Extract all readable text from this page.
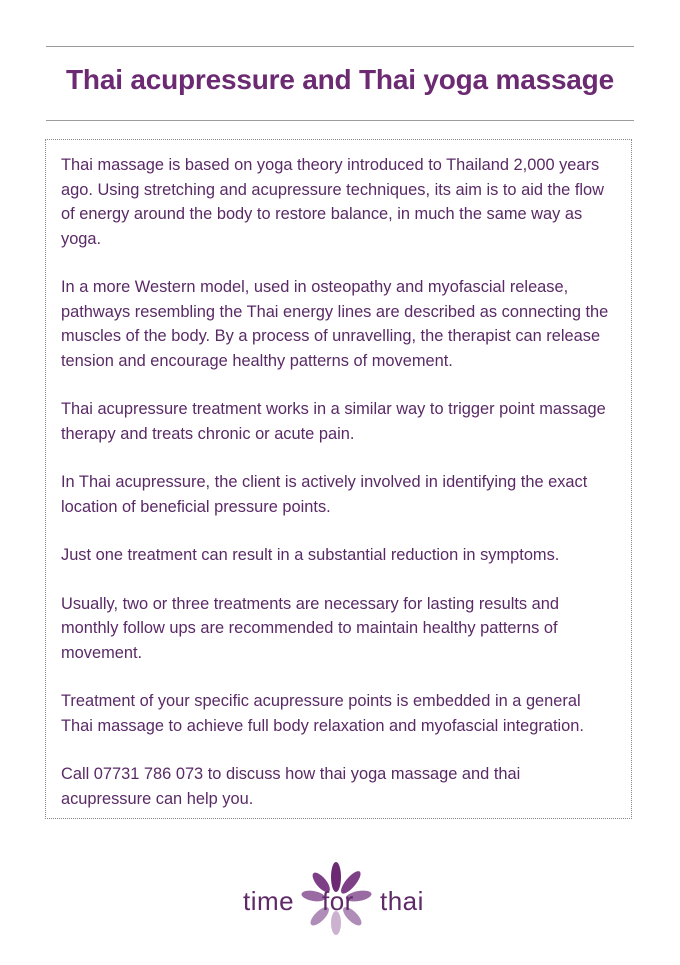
Thai acupressure and Thai yoga massage

Thai massage is based on yoga theory introduced to Thailand 2,000 years ago. Using stretching and acupressure techniques, its aim is to aid the flow of energy around the body to restore balance, in much the same way as yoga.

In a more Western model, used in osteopathy and myofascial release, pathways resembling the Thai energy lines are described as connecting the muscles of the body. By a process of unravelling, the therapist can release tension and encourage healthy patterns of movement.

Thai acupressure treatment works in a similar way to trigger point massage therapy and treats chronic or acute pain.

In Thai acupressure, the client is actively involved in identifying the exact location of beneficial pressure points.

Just one treatment can result in a substantial reduction in symptoms.

Usually, two or three treatments are necessary for lasting results and monthly follow ups are recommended to maintain healthy patterns of movement.

Treatment of your specific acupressure points is embedded in a general Thai massage to achieve full body relaxation and myofascial integration.

Call 07731 786 073 to discuss how thai yoga massage and thai acupressure can help you.

time for thai
